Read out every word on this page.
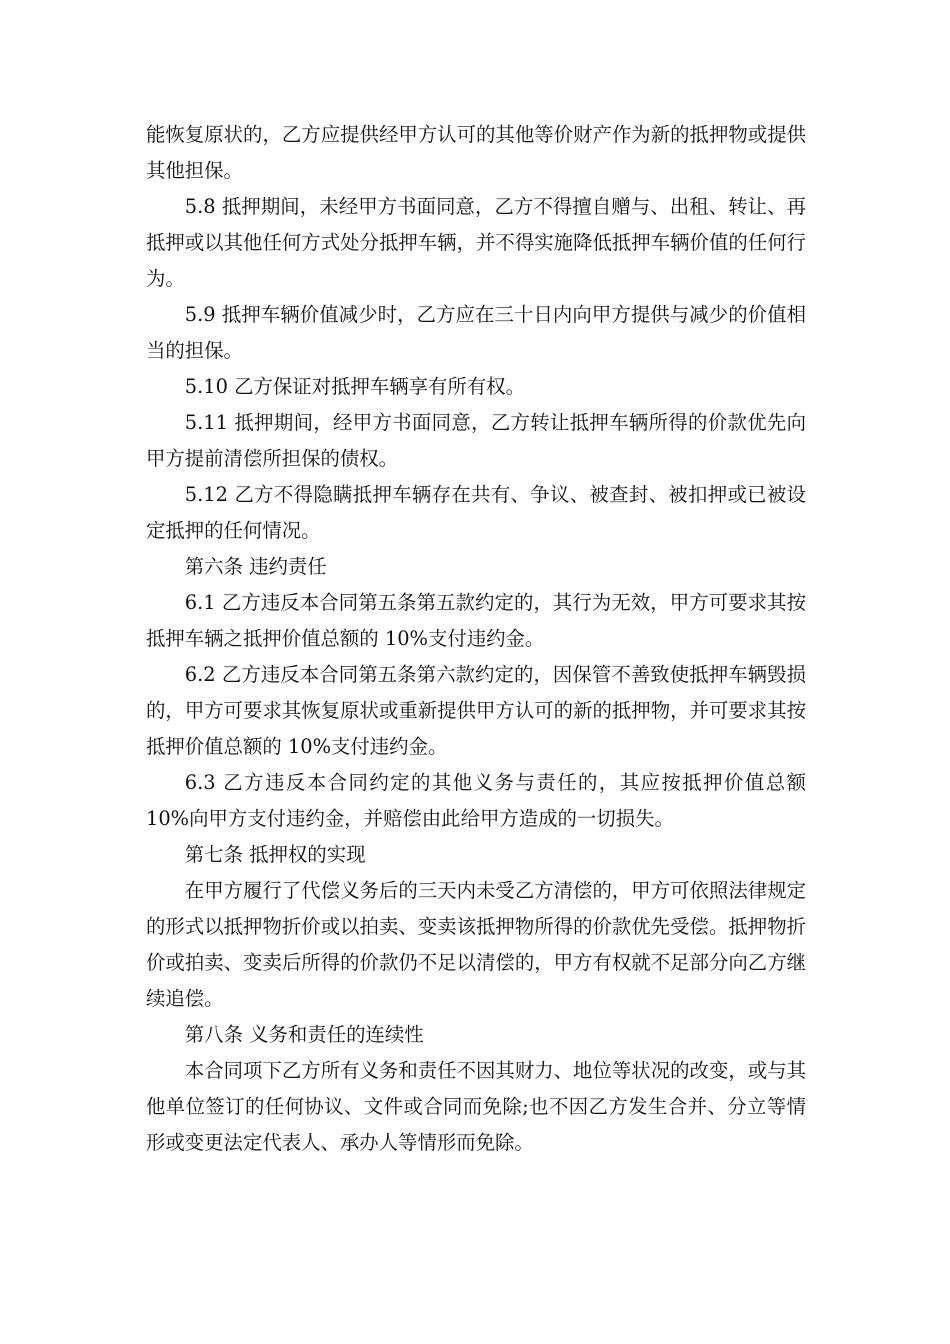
能恢复原状的，乙方应提供经甲方认可的其他等价财产作为新的抵押物或提供其他担保。

5.8 抵押期间，未经甲方书面同意，乙方不得擅自赠与、出租、转让、再抵押或以其他任何方式处分抵押车辆，并不得实施降低抵押车辆价值的任何行为。

5.9 抵押车辆价值减少时，乙方应在三十日内向甲方提供与减少的价值相当的担保。

5.10 乙方保证对抵押车辆享有所有权。

5.11 抵押期间，经甲方书面同意，乙方转让抵押车辆所得的价款优先向甲方提前清偿所担保的债权。

5.12 乙方不得隐瞒抵押车辆存在共有、争议、被查封、被扣押或已被设定抵押的任何情况。

第六条 违约责任

6.1 乙方违反本合同第五条第五款约定的，其行为无效，甲方可要求其按抵押车辆之抵押价值总额的 10%支付违约金。

6.2 乙方违反本合同第五条第六款约定的，因保管不善致使抵押车辆毁损的，甲方可要求其恢复原状或重新提供甲方认可的新的抵押物，并可要求其按抵押价值总额的 10%支付违约金。

6.3 乙方违反本合同约定的其他义务与责任的，其应按抵押价值总额 10%向甲方支付违约金，并赔偿由此给甲方造成的一切损失。

第七条 抵押权的实现

在甲方履行了代偿义务后的三天内未受乙方清偿的，甲方可依照法律规定的形式以抵押物折价或以拍卖、变卖该抵押物所得的价款优先受偿。抵押物折价或拍卖、变卖后所得的价款仍不足以清偿的，甲方有权就不足部分向乙方继续追偿。

第八条 义务和责任的连续性

本合同项下乙方所有义务和责任不因其财力、地位等状况的改变，或与其他单位签订的任何协议、文件或合同而免除;也不因乙方发生合并、分立等情形或变更法定代表人、承办人等情形而免除。
